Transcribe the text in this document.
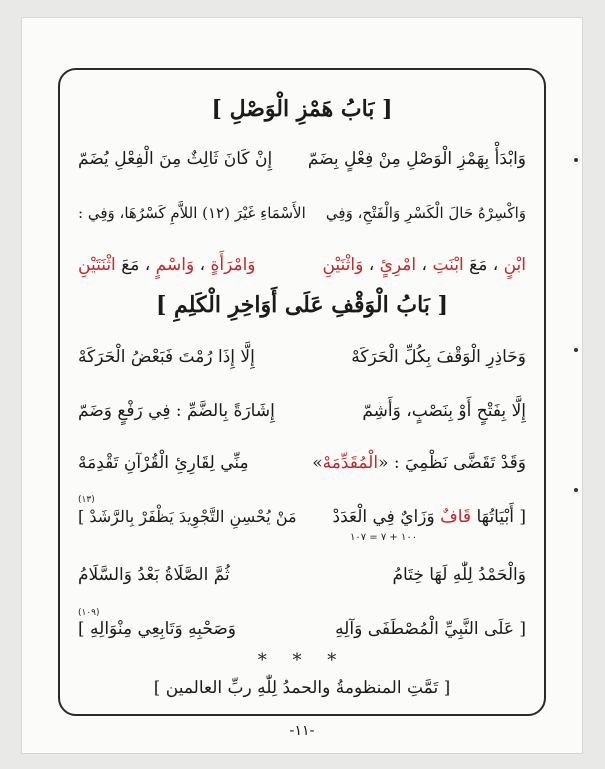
[ بَابُ هَمْزِ الْوَصْلِ ]
وَابْدَأْ بِهَمْزِ الْوَصْلِ مِنْ فِعْلٍ بِضَمّ
إِنْ كَانَ ثَالِثٌ مِنَ الْفِعْلِ يُضَمّ
وَاكْسِرْهُ حَالَ الْكَسْرِ وَالْفَتْحِ، وَفِي
الأَسْمَاءِ غَيْرَ (١٢) اللاَّمِ كَسْرُهَا، وَفِي :
ابْنٍ ، مَعَ ابْنَتِ ، امْرِئٍ ، وَاثْنَيْنِ
وَامْرَأَةٍ ، وَاسْمٍ ، مَعَ اثْنَتَيْنِ
[ بَابُ الْوَقْفِ عَلَى أَوَاخِرِ الْكَلِمِ ]
وَحَاذِرِ الْوَقْفَ بِكُلِّ الْحَرَكَهْ
إِلَّا إِذَا رُمْتَ فَبَعْضُ الْحَرَكَهْ
إِلَّا بِفَتْحٍ أَوْ بِنَصْبٍ، وَأَشِمّ
إِشَارَةً بِالضَّمِّ : فِي رَفْعٍ وَضَمّ
وَقَدْ تَقَضَّى نَظْمِيَ : «الْمُقَدِّمَهْ»
مِنِّي لِقَارِئِ الْقُرْآنِ تَقْدِمَهْ
[ أَبْيَاتُهَا قَافٌ وَزَايٌ فِي الْعَدَدْ
مَنْ يُحْسِنِ التَّجْوِيدَ يَظْفَرْ بِالرَّشَدْ ]
(١٣)
١٠٠ + ٧ = ١٠٧
وَالْحَمْدُ لِلّٰهِ لَهَا خِتَامُ
ثُمَّ الصَّلَاةُ بَعْدُ وَالسَّلَامُ
[ عَلَى النَّبِيِّ الْمُصْطَفَى وَآلِهِ
وَصَحْبِهِ وَتَابِعِي مِنْوَالِهِ ]
(١٠٩)
* * *
[ تَمَّتِ المنظومةُ والحمدُ لِلّٰهِ ربِّ العالمين ]
-١١-
